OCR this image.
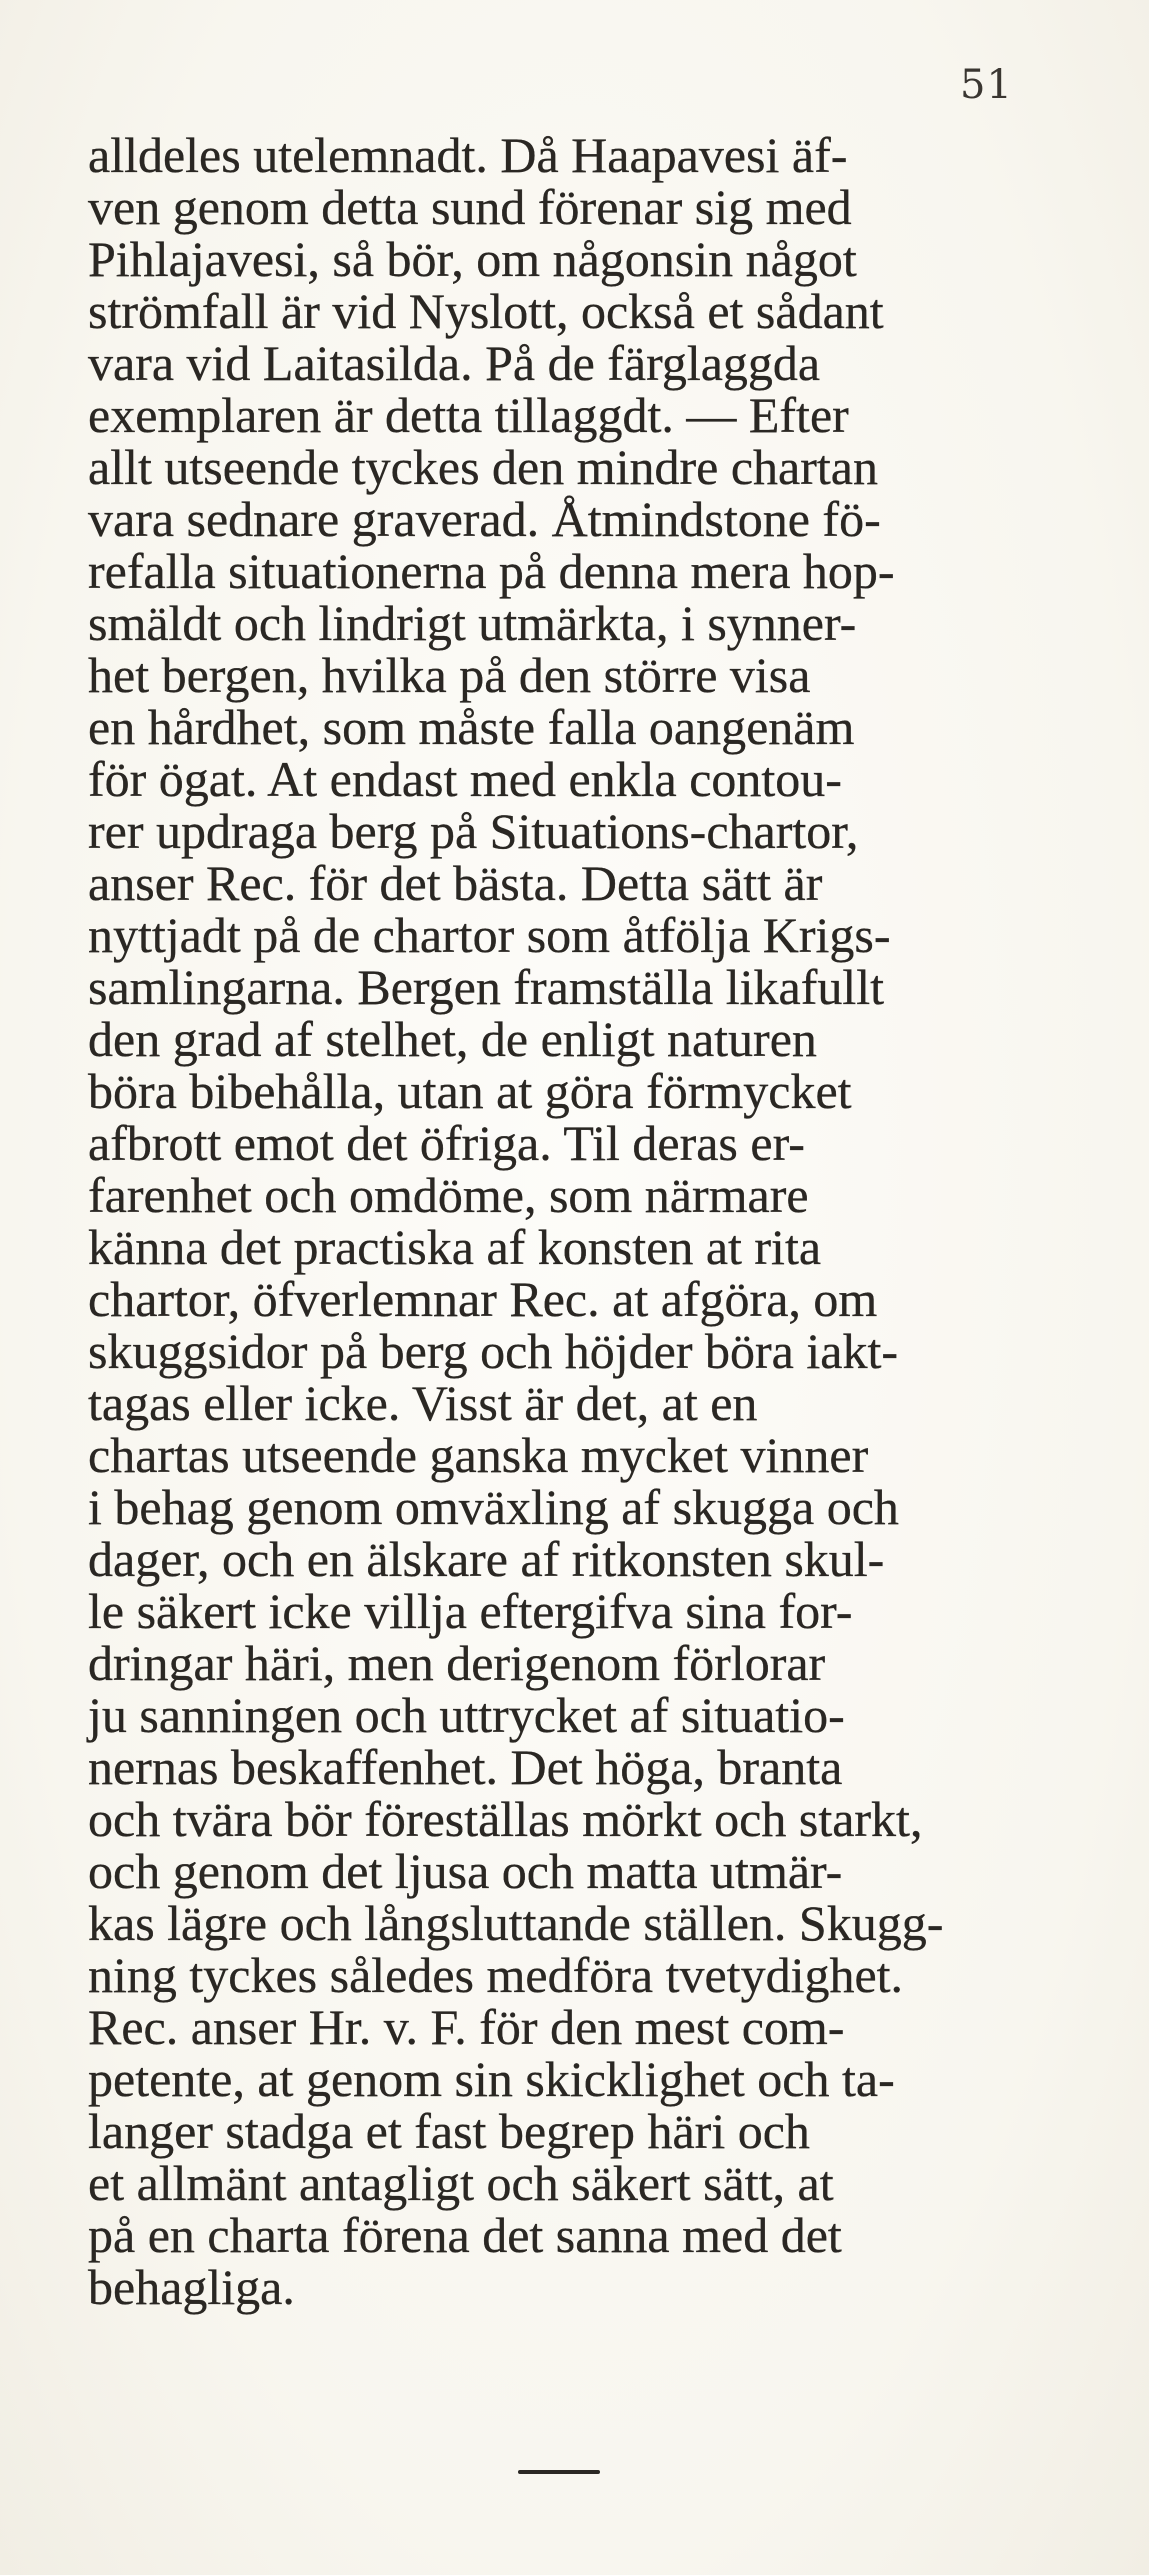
51
alldeles utelemnadt. Då Haapavesi äf-
ven genom detta sund förenar sig med
Pihlajavesi, så bör, om någonsin något
strömfall är vid Nyslott, också et sådant
vara vid Laitasilda. På de färglaggda
exemplaren är detta tillaggdt. — Efter
allt utseende tyckes den mindre chartan
vara sednare graverad. Åtmindstone fö-
refalla situationerna på denna mera hop-
smäldt och lindrigt utmärkta, i synner-
het bergen, hvilka på den större visa
en hårdhet, som måste falla oangenäm
för ögat. At endast med enkla contou-
rer updraga berg på Situations-chartor,
anser Rec. för det bästa. Detta sätt är
nyttjadt på de chartor som åtfölja Krigs-
samlingarna. Bergen framställa likafullt
den grad af stelhet, de enligt naturen
böra bibehålla, utan at göra förmycket
afbrott emot det öfriga. Til deras er-
farenhet och omdöme, som närmare
känna det practiska af konsten at rita
chartor, öfverlemnar Rec. at afgöra, om
skuggsidor på berg och höjder böra iakt-
tagas eller icke. Visst är det, at en
chartas utseende ganska mycket vinner
i behag genom omväxling af skugga och
dager, och en älskare af ritkonsten skul-
le säkert icke villja eftergifva sina for-
dringar häri, men derigenom förlorar
ju sanningen och uttrycket af situatio-
nernas beskaffenhet. Det höga, branta
och tvära bör föreställas mörkt och starkt,
och genom det ljusa och matta utmär-
kas lägre och långsluttande ställen. Skugg-
ning tyckes således medföra tvetydighet.
Rec. anser Hr. v. F. för den mest com-
petente, at genom sin skicklighet och ta-
langer stadga et fast begrep häri och
et allmänt antagligt och säkert sätt, at
på en charta förena det sanna med det
behagliga.
